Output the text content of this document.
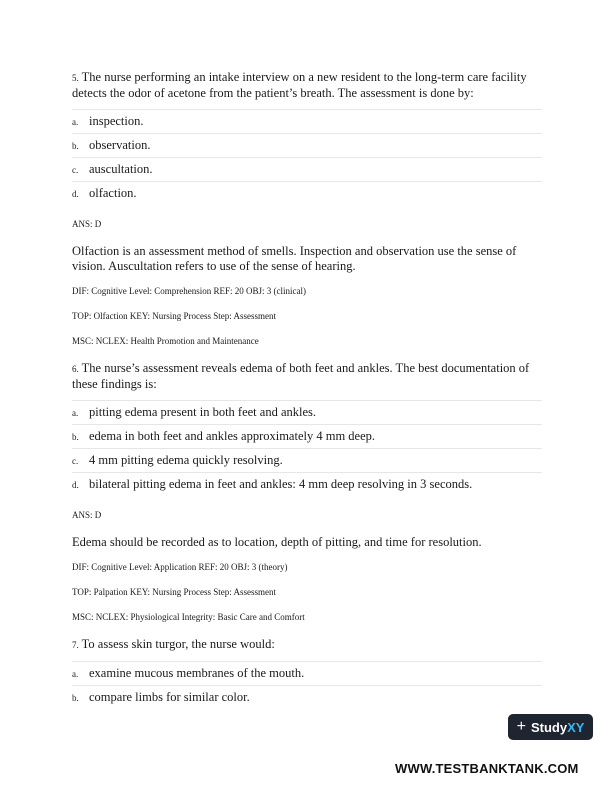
5. The nurse performing an intake interview on a new resident to the long-term care facility detects the odor of acetone from the patient’s breath. The assessment is done by:

a. inspection.
b. observation.
c. auscultation.
d. olfaction.

ANS: D

Olfaction is an assessment method of smells. Inspection and observation use the sense of vision. Auscultation refers to use of the sense of hearing.

DIF: Cognitive Level: Comprehension REF: 20 OBJ: 3 (clinical)

TOP: Olfaction KEY: Nursing Process Step: Assessment

MSC: NCLEX: Health Promotion and Maintenance

6. The nurse’s assessment reveals edema of both feet and ankles. The best documentation of these findings is:

a. pitting edema present in both feet and ankles.
b. edema in both feet and ankles approximately 4 mm deep.
c. 4 mm pitting edema quickly resolving.
d. bilateral pitting edema in feet and ankles: 4 mm deep resolving in 3 seconds.

ANS: D

Edema should be recorded as to location, depth of pitting, and time for resolution.

DIF: Cognitive Level: Application REF: 20 OBJ: 3 (theory)

TOP: Palpation KEY: Nursing Process Step: Assessment

MSC: NCLEX: Physiological Integrity: Basic Care and Comfort

7. To assess skin turgor, the nurse would:

a. examine mucous membranes of the mouth.
b. compare limbs for similar color.
+ Study XY
WWW.TESTBANKTANK.COM
